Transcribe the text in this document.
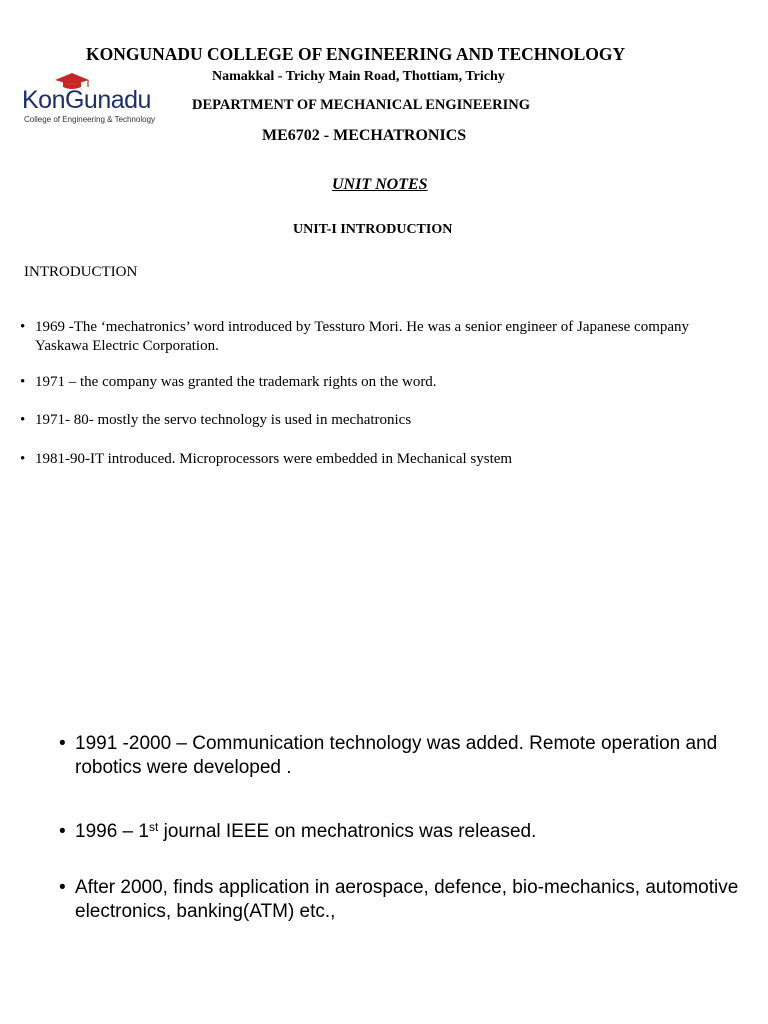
KonGunadu
College of Engineering & Technology
KONGUNADU COLLEGE OF ENGINEERING AND TECHNOLOGY
Namakkal - Trichy Main Road, Thottiam, Trichy
DEPARTMENT OF MECHANICAL ENGINEERING
ME6702 - MECHATRONICS
UNIT NOTES
UNIT-I INTRODUCTION
INTRODUCTION
• 1969 -The ‘mechatronics’ word introduced by Tessturo Mori. He was a senior engineer of Japanese company Yaskawa Electric Corporation.
• 1971 – the company was granted the trademark rights on the word.
• 1971- 80- mostly the servo technology is used in mechatronics
• 1981-90-IT introduced. Microprocessors were embedded in Mechanical system
• 1991 -2000 – Communication technology was added. Remote operation and robotics were developed .
• 1996 – 1st journal IEEE on mechatronics was released.
• After 2000, finds application in aerospace, defence, bio-mechanics, automotive electronics, banking(ATM) etc.,
